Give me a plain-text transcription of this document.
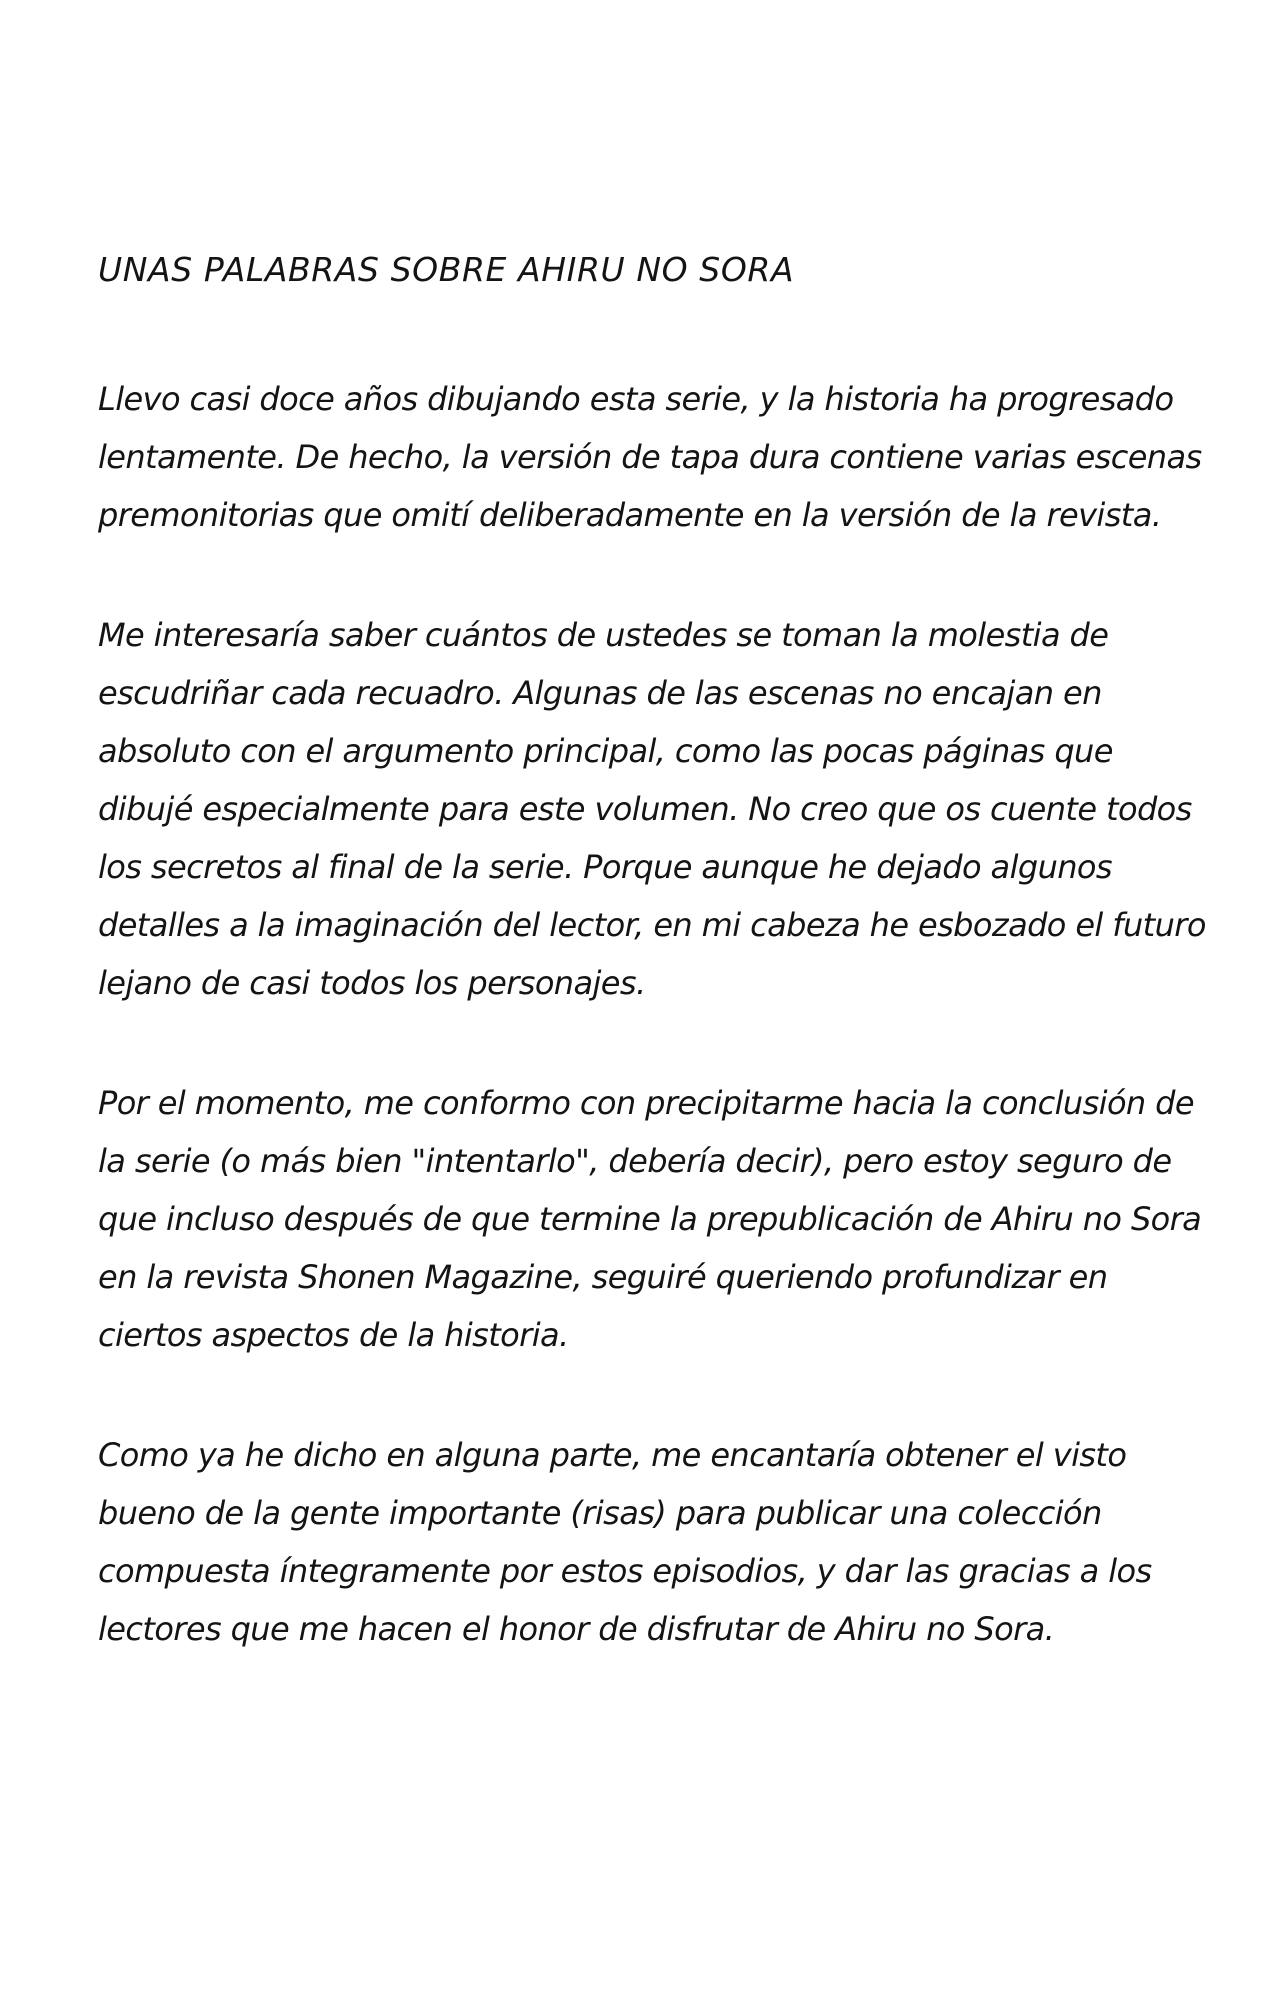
UNAS PALABRAS SOBRE AHIRU NO SORA

Llevo casi doce años dibujando esta serie, y la historia ha progresado lentamente. De hecho, la versión de tapa dura contiene varias escenas premonitorias que omití deliberadamente en la versión de la revista.

Me interesaría saber cuántos de ustedes se toman la molestia de escudriñar cada recuadro. Algunas de las escenas no encajan en absoluto con el argumento principal, como las pocas páginas que dibujé especialmente para este volumen. No creo que os cuente todos los secretos al final de la serie. Porque aunque he dejado algunos detalles a la imaginación del lector, en mi cabeza he esbozado el futuro lejano de casi todos los personajes.

Por el momento, me conformo con precipitarme hacia la conclusión de la serie (o más bien "intentarlo", debería decir), pero estoy seguro de que incluso después de que termine la prepublicación de Ahiru no Sora en la revista Shonen Magazine, seguiré queriendo profundizar en ciertos aspectos de la historia.

Como ya he dicho en alguna parte, me encantaría obtener el visto bueno de la gente importante (risas) para publicar una colección compuesta íntegramente por estos episodios, y dar las gracias a los lectores que me hacen el honor de disfrutar de Ahiru no Sora.
